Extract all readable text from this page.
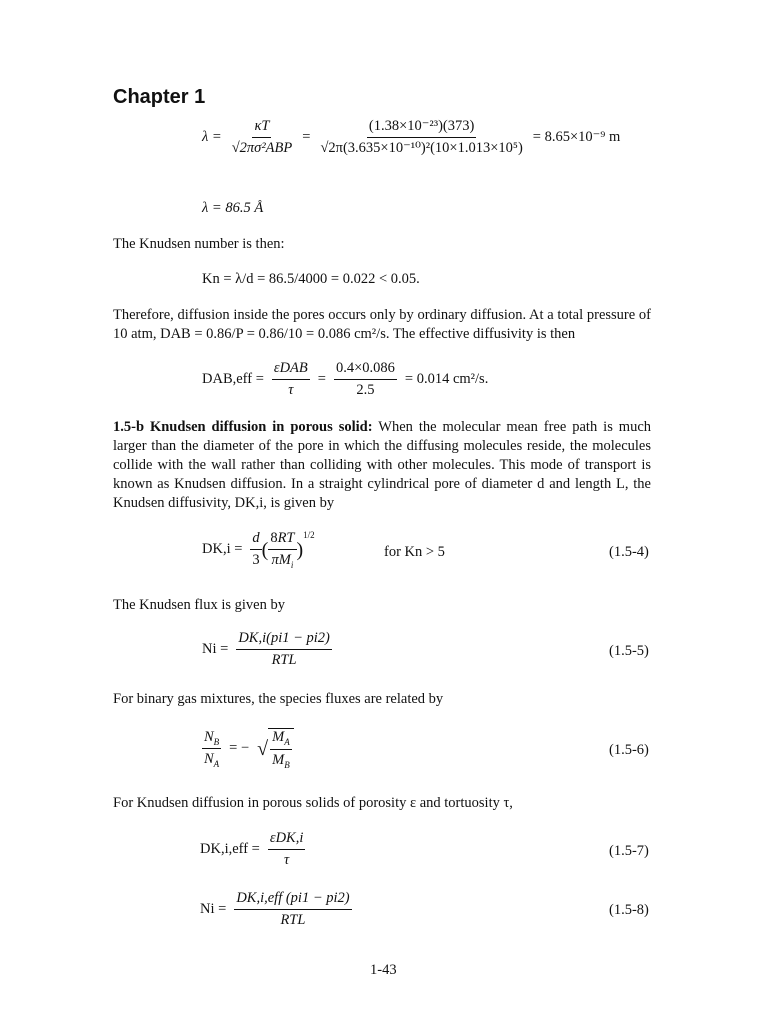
Chapter 1
$\lambda = \frac{\kappa T}{\text{√2πσ²ABP}} = \frac{\text{(1.38×10⁻²³)(373)}}{\text{√2π(3.635×10⁻¹⁰)²(10×1.013×10⁵)}} = 8.65\times 10^{-9}$ m
λ = 86.5 Å
The Knudsen number is then:
Kn = λ/d = 86.5/4000 = 0.022 < 0.05.
Therefore, diffusion inside the pores occurs only by ordinary diffusion. At a total pressure of 10 atm, DAB = 0.86/P = 0.86/10 = 0.086 cm²/s. The effective diffusivity is then
$DAB,eff = \frac{\text{εDAB}}{\tau} = \frac{0.4\times 0.086}{2.5} = 0.014$ cm²/s.
1.5-b Knudsen diffusion in porous solid: When the molecular mean free path is much larger than the diameter of the pore in which the diffusing molecules reside, the molecules collide with the wall rather than colliding with other molecules. This mode of transport is known as Knudsen diffusion. In a straight cylindrical pore of diameter d and length L, the Knudsen diffusivity, DK,i, is given by
$DK,i = \frac{d}{3}$ ( $\frac{8RT}{\pi M_i}$ )
1/2
for Kn > 5	(1.5-4)
The Knudsen flux is given by
$Ni = \frac{DK,i(pi1 - pi2)}{\text{RTL}}$	(1.5-5)
For binary gas mixtures, the species fluxes are related by
$\frac{N_B}{N_A}$ = − √ $\frac{M_A}{M_B}$	(1.5-6)
For Knudsen diffusion in porous solids of porosity ε and tortuosity τ,
$DK,i,eff = \frac{\text{εDK,i}}{\tau}$	(1.5-7)
$Ni = \frac{\text{DK,i,eff (pi1 − pi2)}}{\text{RTL}}$	(1.5-8)
1-43
